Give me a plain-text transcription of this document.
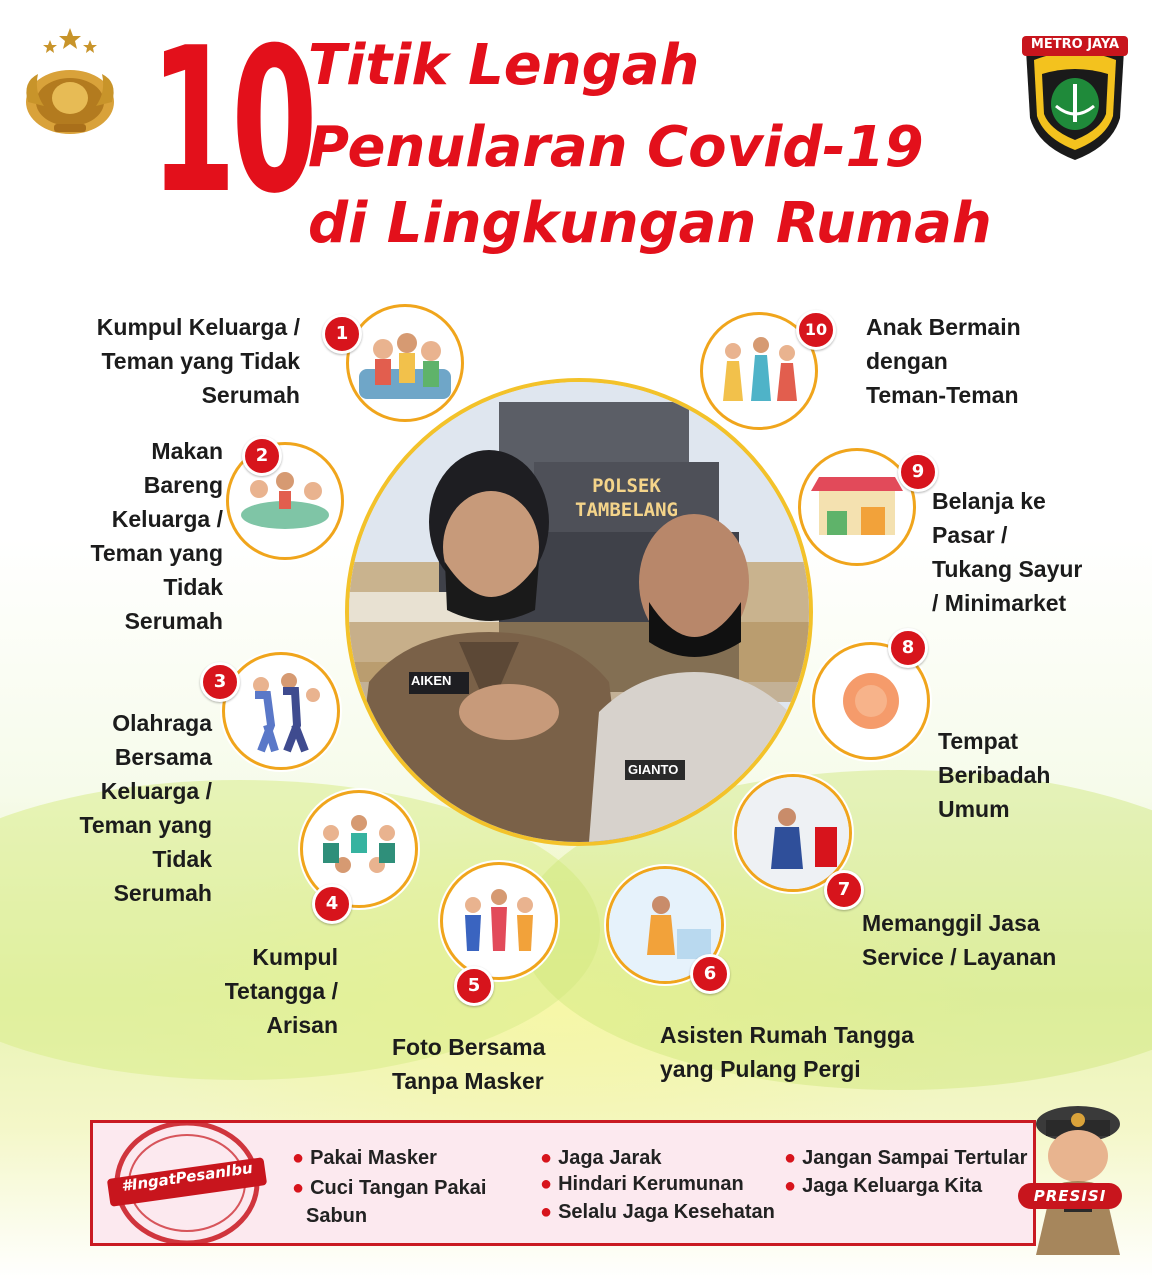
METRO JAYA
10
Titik Lengah
Penularan Covid-19
di Lingkungan Rumah
POLSEK
TAMBELANG
AIKEN
GIANTO
1
2
3
4
5
6
7
8
9
10
Kumpul Keluarga /
Teman yang Tidak
Serumah
Makan
Bareng
Keluarga /
Teman yang
Tidak
Serumah
Olahraga
Bersama
Keluarga /
Teman yang
Tidak
Serumah
Kumpul
Tetangga /
Arisan
Foto Bersama
Tanpa Masker
Asisten Rumah Tangga
yang Pulang Pergi
Memanggil Jasa
Service / Layanan
Tempat
Beribadah
Umum
Belanja ke
Pasar /
Tukang Sayur
/ Minimarket
Anak Bermain
dengan
Teman-Teman
#IngatPesanIbu
● Pakai Masker
● Cuci Tangan Pakai
Sabun
● Jaga Jarak
● Hindari Kerumunan
● Selalu Jaga Kesehatan
● Jangan Sampai Tertular
● Jaga Keluarga Kita	PRESISI
